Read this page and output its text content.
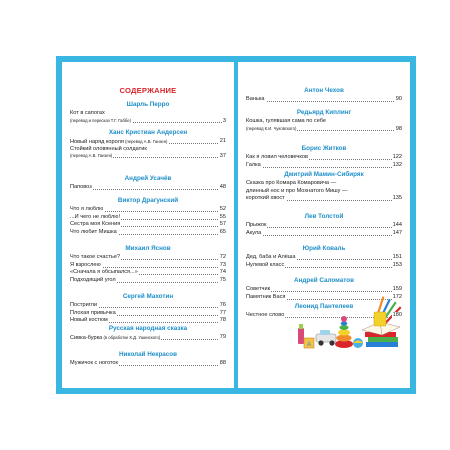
СОДЕРЖАНИЕ
Шарль Перро
Кот в сапогах
(перевод и пересказ Т.Г. Габбе)	3
Ханс Кристиан Андерсен
Новый наряд короля (перевод А.В. Ганзен)	21
Стойкий оловянный солдатик
(перевод А.В. Ганзен)	37
Андрей Усачёв
Паповоз	48
Виктор Драгунский
Что я люблю	52
...И чего не люблю!	55
Сестра моя Ксения	57
Что любит Мишка	65
Михаил Яснов
Что такое счастье?	72
Я взрослею	73
«Сначала я обсыпался...»	74
Подходящий угол	75
Сергей Махотин
Постригли	76
Плохая привычка	77
Новый костюм	78
Русская народная сказка
Сивка-бурка (в обработке К.Д. Ушинского)	79
Николай Некрасов
Мужичок с ноготок	88
Антон Чехов
Ванька	90
Редьярд Киплинг
Кошка, гулявшая сама по себе
(перевод К.И. Чуковского)	98
Борис Житков
Как я ловил человечков	122
Галка	132
Дмитрий Мамин-Сибиряк
Сказка про Комара Комаровича —
длинный нос и про Мохнатого Мишу —
короткий хвост	135
Лев Толстой
Прыжок	144
Акула	147
Юрий Коваль
Дед, баба и Алёша	151
Нулевой класс	153
Андрей Саломатов
Советчик	159
Памятник Вася	172
Леонид Пантелеев
Честное слово	180
А
